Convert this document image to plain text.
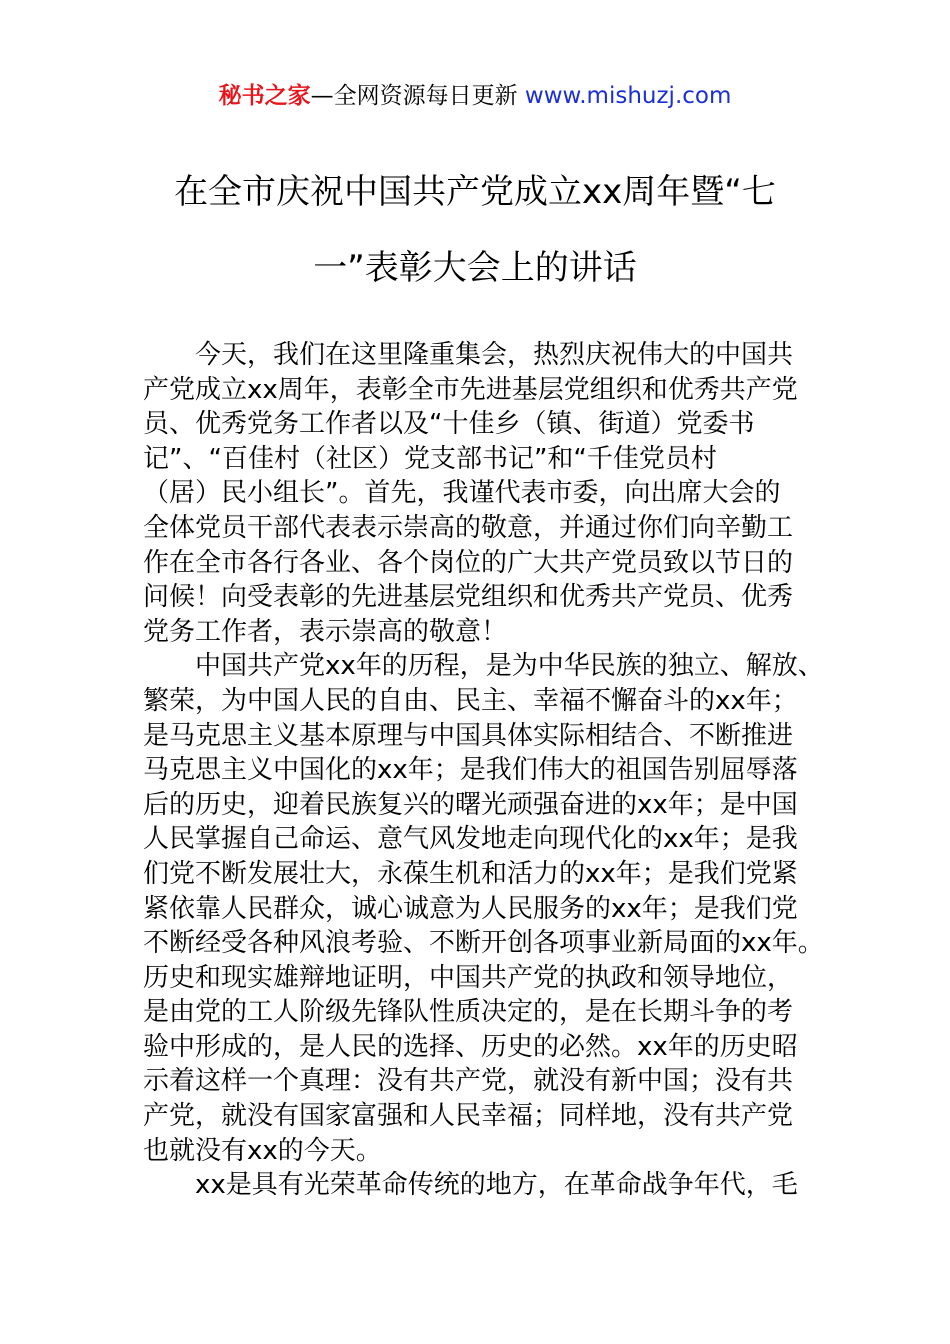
秘书之家—全网资源每日更新 www.mishuzj.com
在全市庆祝中国共产党成立xx周年暨“七
一”表彰大会上的讲话
今天，我们在这里隆重集会，热烈庆祝伟大的中国共
产党成立xx周年，表彰全市先进基层党组织和优秀共产党
员、优秀党务工作者以及“十佳乡（镇、街道）党委书
记”、“百佳村（社区）党支部书记”和“千佳党员村
（居）民小组长”。首先，我谨代表市委，向出席大会的
全体党员干部代表表示崇高的敬意，并通过你们向辛勤工
作在全市各行各业、各个岗位的广大共产党员致以节日的
问候！向受表彰的先进基层党组织和优秀共产党员、优秀
党务工作者，表示崇高的敬意！
中国共产党xx年的历程，是为中华民族的独立、解放、
繁荣，为中国人民的自由、民主、幸福不懈奋斗的xx年；
是马克思主义基本原理与中国具体实际相结合、不断推进
马克思主义中国化的xx年；是我们伟大的祖国告别屈辱落
后的历史，迎着民族复兴的曙光顽强奋进的xx年；是中国
人民掌握自己命运、意气风发地走向现代化的xx年；是我
们党不断发展壮大，永葆生机和活力的xx年；是我们党紧
紧依靠人民群众，诚心诚意为人民服务的xx年；是我们党
不断经受各种风浪考验、不断开创各项事业新局面的xx年。
历史和现实雄辩地证明，中国共产党的执政和领导地位，
是由党的工人阶级先锋队性质决定的，是在长期斗争的考
验中形成的，是人民的选择、历史的必然。xx年的历史昭
示着这样一个真理：没有共产党，就没有新中国；没有共
产党，就没有国家富强和人民幸福；同样地，没有共产党
也就没有xx的今天。
xx是具有光荣革命传统的地方，在革命战争年代，毛
